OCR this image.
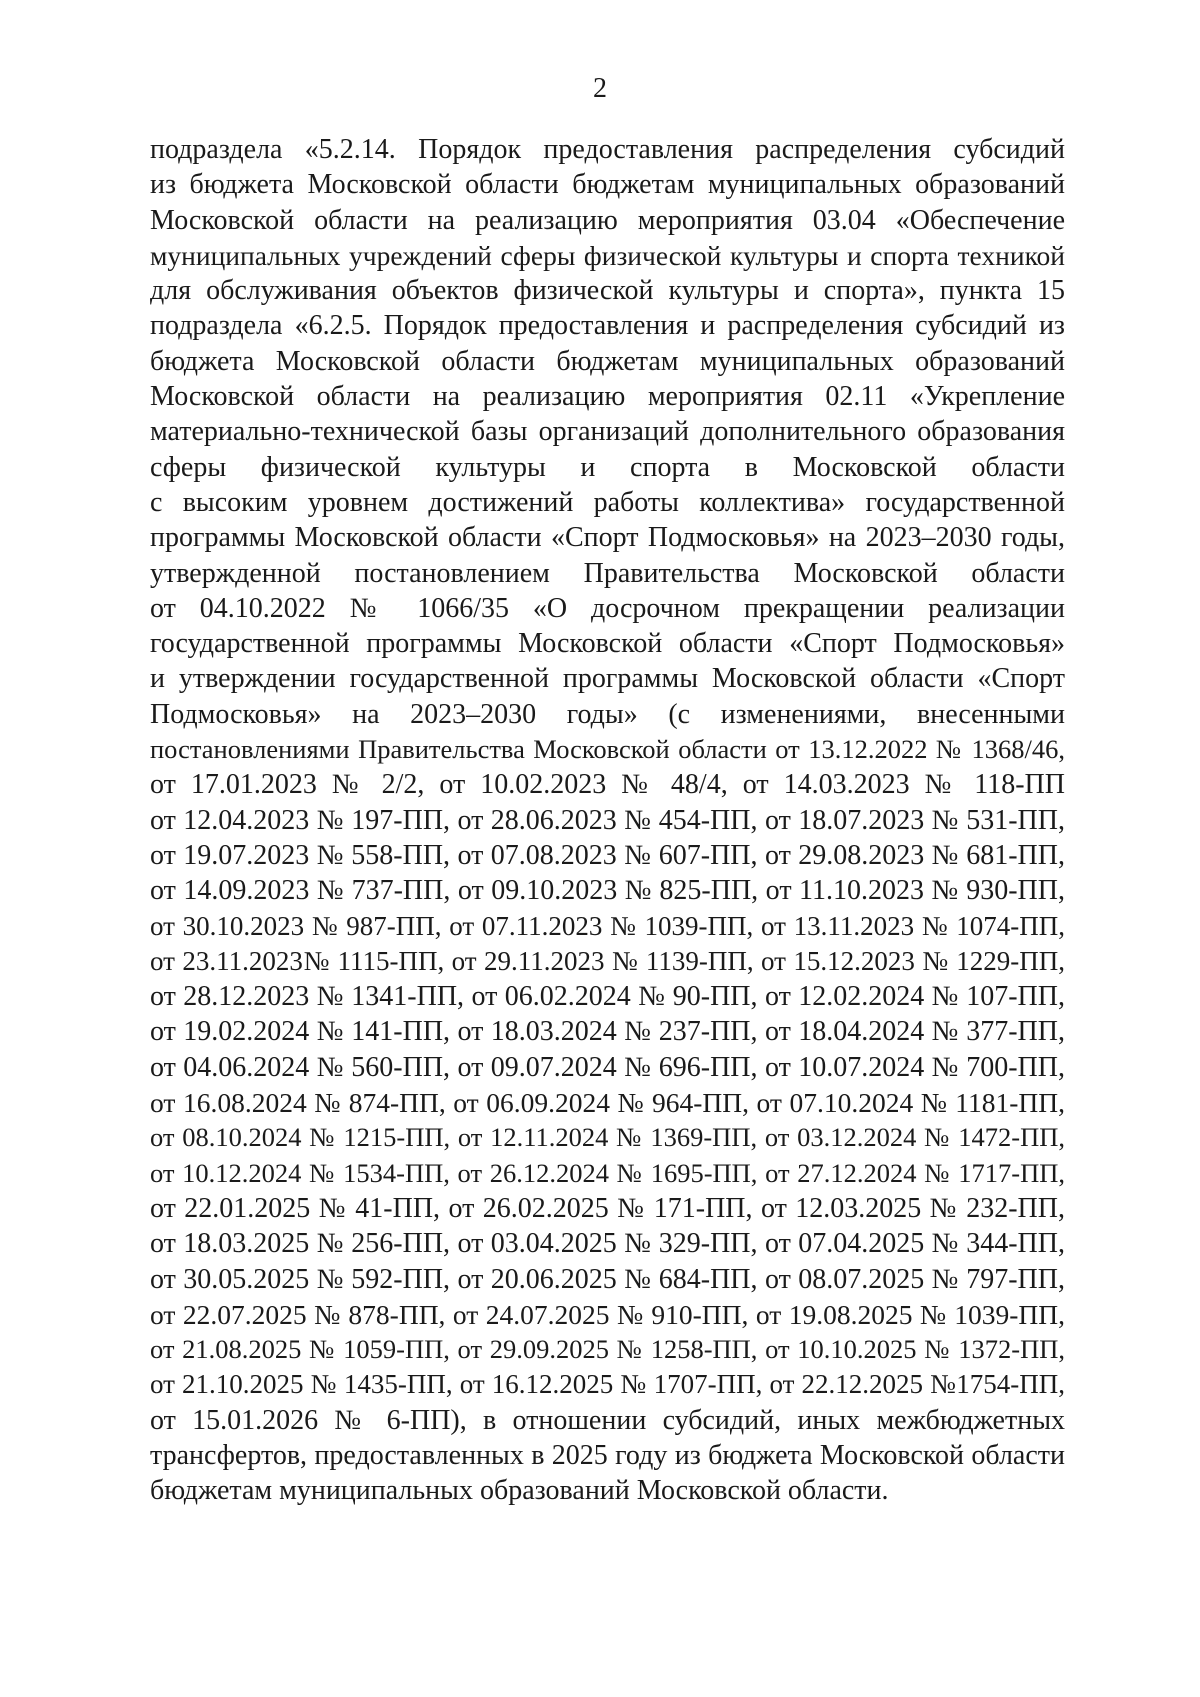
2
подраздела «5.2.14. Порядок предоставления распределения субсидий
из бюджета Московской области бюджетам муниципальных образований
Московской области на реализацию мероприятия 03.04 «Обеспечение
муниципальных учреждений сферы физической культуры и спорта техникой
для обслуживания объектов физической культуры и спорта», пункта 15
подраздела «6.2.5. Порядок предоставления и распределения субсидий из
бюджета Московской области бюджетам муниципальных образований
Московской области на реализацию мероприятия 02.11 «Укрепление
материально-технической базы организаций дополнительного образования
сферы физической культуры и спорта в Московской области
с высоким уровнем достижений работы коллектива» государственной
программы Московской области «Спорт Подмосковья» на 2023–2030 годы,
утвержденной постановлением Правительства Московской области
от 04.10.2022 № 1066/35 «О досрочном прекращении реализации
государственной программы Московской области «Спорт Подмосковья»
и утверждении государственной программы Московской области «Спорт
Подмосковья» на 2023–2030 годы» (с изменениями, внесенными
постановлениями Правительства Московской области от 13.12.2022 № 1368/46,
от 17.01.2023 № 2/2, от 10.02.2023 № 48/4, от 14.03.2023 № 118-ПП
от 12.04.2023 № 197-ПП, от 28.06.2023 № 454-ПП, от 18.07.2023 № 531-ПП,
от 19.07.2023 № 558-ПП, от 07.08.2023 № 607-ПП, от 29.08.2023 № 681-ПП,
от 14.09.2023 № 737-ПП, от 09.10.2023 № 825-ПП, от 11.10.2023 № 930-ПП,
от 30.10.2023 № 987-ПП, от 07.11.2023 № 1039-ПП, от 13.11.2023 № 1074-ПП,
от 23.11.2023№ 1115-ПП, от 29.11.2023 № 1139-ПП, от 15.12.2023 № 1229-ПП,
от 28.12.2023 № 1341-ПП, от 06.02.2024 № 90-ПП, от 12.02.2024 № 107-ПП,
от 19.02.2024 № 141-ПП, от 18.03.2024 № 237-ПП, от 18.04.2024 № 377-ПП,
от 04.06.2024 № 560-ПП, от 09.07.2024 № 696-ПП, от 10.07.2024 № 700-ПП,
от 16.08.2024 № 874-ПП, от 06.09.2024 № 964-ПП, от 07.10.2024 № 1181-ПП,
от 08.10.2024 № 1215-ПП, от 12.11.2024 № 1369-ПП, от 03.12.2024 № 1472-ПП,
от 10.12.2024 № 1534-ПП, от 26.12.2024 № 1695-ПП, от 27.12.2024 № 1717-ПП,
от 22.01.2025 № 41-ПП, от 26.02.2025 № 171-ПП, от 12.03.2025 № 232-ПП,
от 18.03.2025 № 256-ПП, от 03.04.2025 № 329-ПП, от 07.04.2025 № 344-ПП,
от 30.05.2025 № 592-ПП, от 20.06.2025 № 684-ПП, от 08.07.2025 № 797-ПП,
от 22.07.2025 № 878-ПП, от 24.07.2025 № 910-ПП, от 19.08.2025 № 1039-ПП,
от 21.08.2025 № 1059-ПП, от 29.09.2025 № 1258-ПП, от 10.10.2025 № 1372-ПП,
от 21.10.2025 № 1435-ПП, от 16.12.2025 № 1707-ПП, от 22.12.2025 №1754-ПП,
от 15.01.2026 № 6-ПП), в отношении субсидий, иных межбюджетных
трансфертов, предоставленных в 2025 году из бюджета Московской области
бюджетам муниципальных образований Московской области.
